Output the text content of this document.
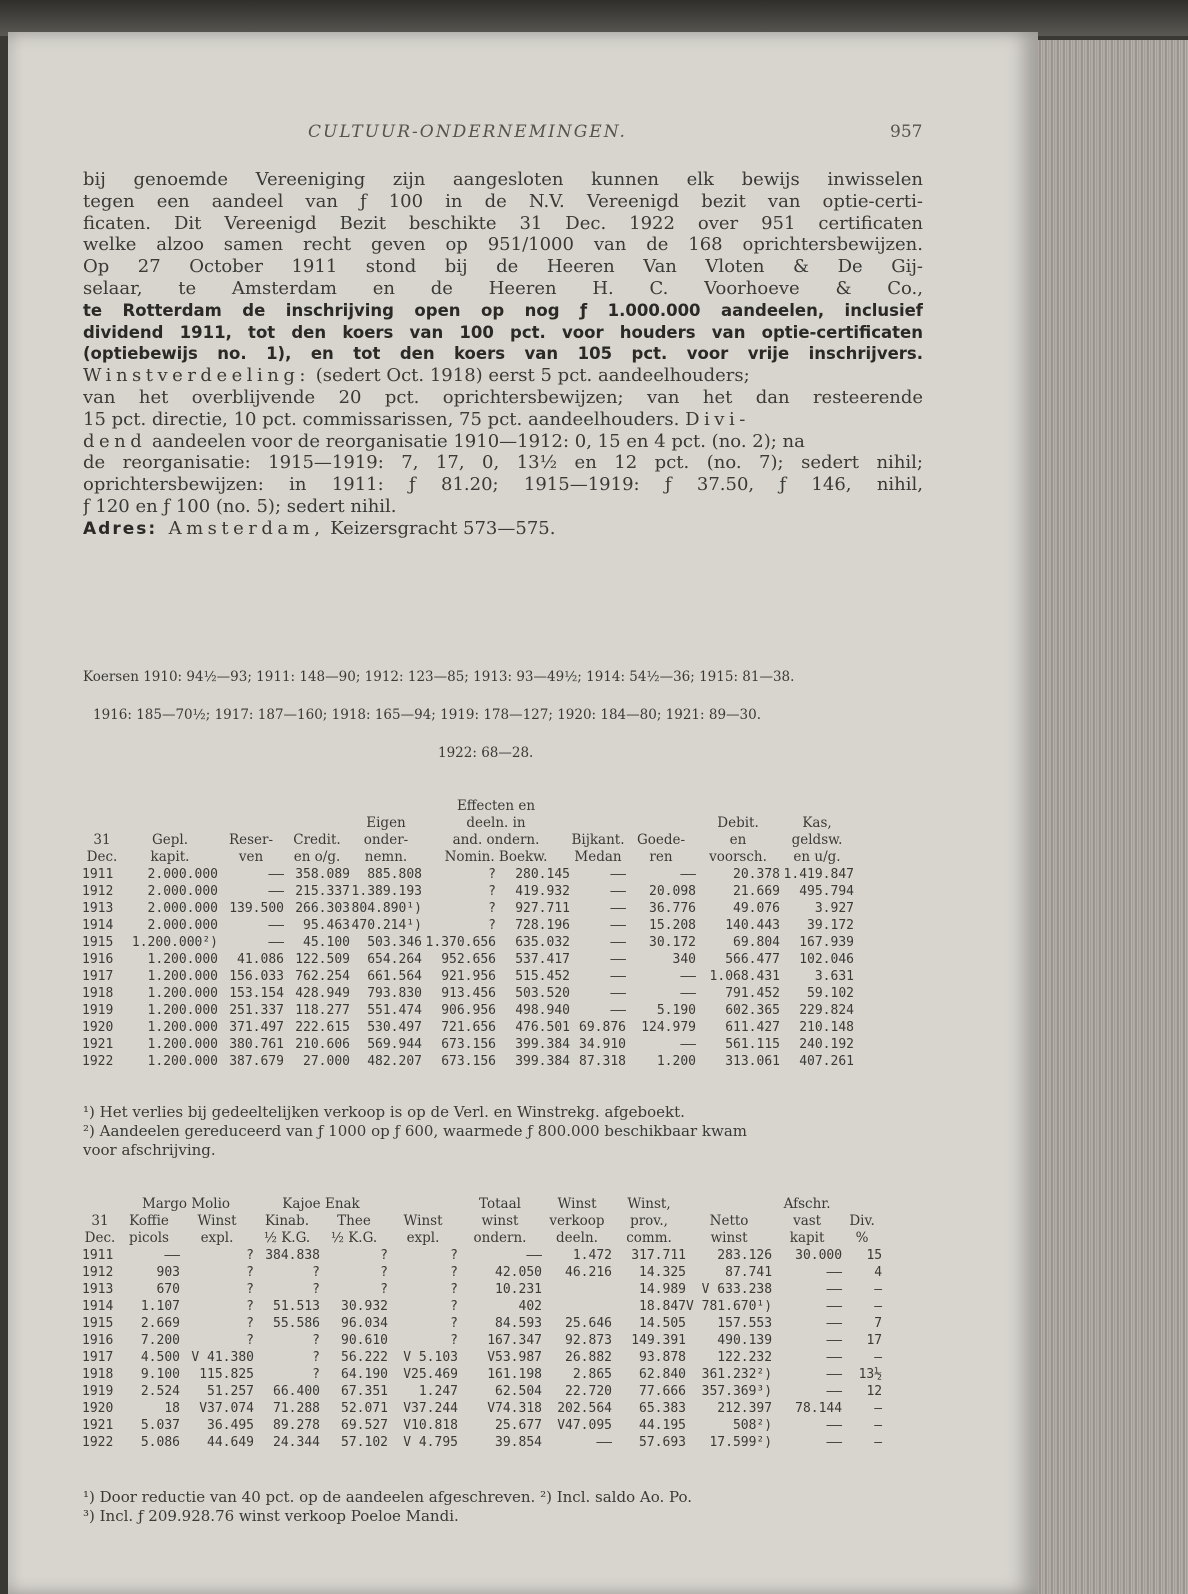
CULTUUR-ONDERNEMINGEN.	957
bij genoemde Vereeniging zijn aangesloten kunnen elk bewijs inwisselen
tegen een aandeel van ƒ 100 in de N.V. Vereenigd bezit van optie-certi-
ficaten. Dit Vereenigd Bezit beschikte 31 Dec. 1922 over 951 certificaten
welke alzoo samen recht geven op 951/1000 van de 168 oprichtersbewijzen.
Op 27 October 1911 stond bij de Heeren Van Vloten & De Gij-
selaar, te Amsterdam en de Heeren H. C. Voorhoeve & Co.,
te Rotterdam de inschrijving open op nog ƒ 1.000.000 aandeelen, inclusief
dividend 1911, tot den koers van 100 pct. voor houders van optie-certificaten
(optiebewijs no. 1), en tot den koers van 105 pct. voor vrije inschrijvers.
Winstverdeeling: (sedert Oct. 1918) eerst 5 pct. aandeelhouders;
van het overblijvende 20 pct. oprichtersbewijzen; van het dan resteerende
15 pct. directie, 10 pct. commissarissen, 75 pct. aandeelhouders. Divi-
dend aandeelen voor de reorganisatie 1910—1912: 0, 15 en 4 pct. (no. 2); na
de reorganisatie: 1915—1919: 7, 17, 0, 13½ en 12 pct. (no. 7); sedert nihil;
oprichtersbewijzen: in 1911: ƒ 81.20; 1915—1919: ƒ 37.50, ƒ 146, nihil,
ƒ 120 en ƒ 100 (no. 5); sedert nihil.
Adres: Amsterdam, Keizersgracht 573—575.
Koersen 1910: 94½—93; 1911: 148—90; 1912: 123—85; 1913: 93—49½; 1914: 54½—36; 1915: 81—38.
1916: 185—70½; 1917: 187—160; 1918: 165—94; 1919: 178—127; 1920: 184—80; 1921: 89—30.
1922: 68—28.
					Effecten en					
				Eigen	deeln. in				Debit.	Kas,
31	Gepl.	Reser-	Credit.	onder-	and. ondern.		Bijkant.	Goede-	en	geldsw.
Dec.	kapit.	ven	en o/g.	nemn.	Nomin. Boekw.		Medan	ren	voorsch.	en u/g.
1911	2.000.000	——	358.089	885.808	?	280.145	——	——	20.378	1.419.847
1912	2.000.000	——	215.337	1.389.193	?	419.932	——	20.098	21.669	495.794
1913	2.000.000	139.500	266.303	804.890¹)	?	927.711	——	36.776	49.076	3.927
1914	2.000.000	——	95.463	470.214¹)	?	728.196	——	15.208	140.443	39.172
1915	1.200.000²)	——	45.100	503.346	1.370.656	635.032	——	30.172	69.804	167.939
1916	1.200.000	41.086	122.509	654.264	952.656	537.417	——	340	566.477	102.046
1917	1.200.000	156.033	762.254	661.564	921.956	515.452	——	——	1.068.431	3.631
1918	1.200.000	153.154	428.949	793.830	913.456	503.520	——	——	791.452	59.102
1919	1.200.000	251.337	118.277	551.474	906.956	498.940	——	5.190	602.365	229.824
1920	1.200.000	371.497	222.615	530.497	721.656	476.501	69.876	124.979	611.427	210.148
1921	1.200.000	380.761	210.606	569.944	673.156	399.384	34.910	——	561.115	240.192
1922	1.200.000	387.679	27.000	482.207	673.156	399.384	87.318	1.200	313.061	407.261
¹) Het verlies bij gedeeltelijken verkoop is op de Verl. en Winstrekg. afgeboekt.
²) Aandeelen gereduceerd van ƒ 1000 op ƒ 600, waarmede ƒ 800.000 beschikbaar kwam
voor afschrijving.
	Margo Molio		Kajoe Enak			Totaal	Winst	Winst,		Afschr.	
31	Koffie	Winst	Kinab.	Thee	Winst	winst	verkoop	prov.,	Netto	vast	Div.
Dec.	picols	expl.	½ K.G.	½ K.G.	expl.	ondern.	deeln.	comm.	winst	kapit	%
1911	——	?	384.838	?	?	——	1.472	317.711	283.126	30.000	15
1912	903	?	?	?	?	42.050	46.216	14.325	87.741	——	4
1913	670	?	?	?	?	10.231		14.989	V 633.238	——	—
1914	1.107	?	51.513	30.932	?	402		18.847	V 781.670¹)	——	—
1915	2.669	?	55.586	96.034	?	84.593	25.646	14.505	157.553	——	7
1916	7.200	?	?	90.610	?	167.347	92.873	149.391	490.139	——	17
1917	4.500	V 41.380	?	56.222	V 5.103	V53.987	26.882	93.878	122.232	——	—
1918	9.100	115.825	?	64.190	V25.469	161.198	2.865	62.840	361.232²)	——	13½
1919	2.524	51.257	66.400	67.351	1.247	62.504	22.720	77.666	357.369³)	——	12
1920	18	V37.074	71.288	52.071	V37.244	V74.318	202.564	65.383	212.397	78.144	—
1921	5.037	36.495	89.278	69.527	V10.818	25.677	V47.095	44.195	508²)	——	—
1922	5.086	44.649	24.344	57.102	V 4.795	39.854	——	57.693	17.599²)	——	—
¹) Door reductie van 40 pct. op de aandeelen afgeschreven. ²) Incl. saldo Ao. Po.
³) Incl. ƒ 209.928.76 winst verkoop Poeloe Mandi.
